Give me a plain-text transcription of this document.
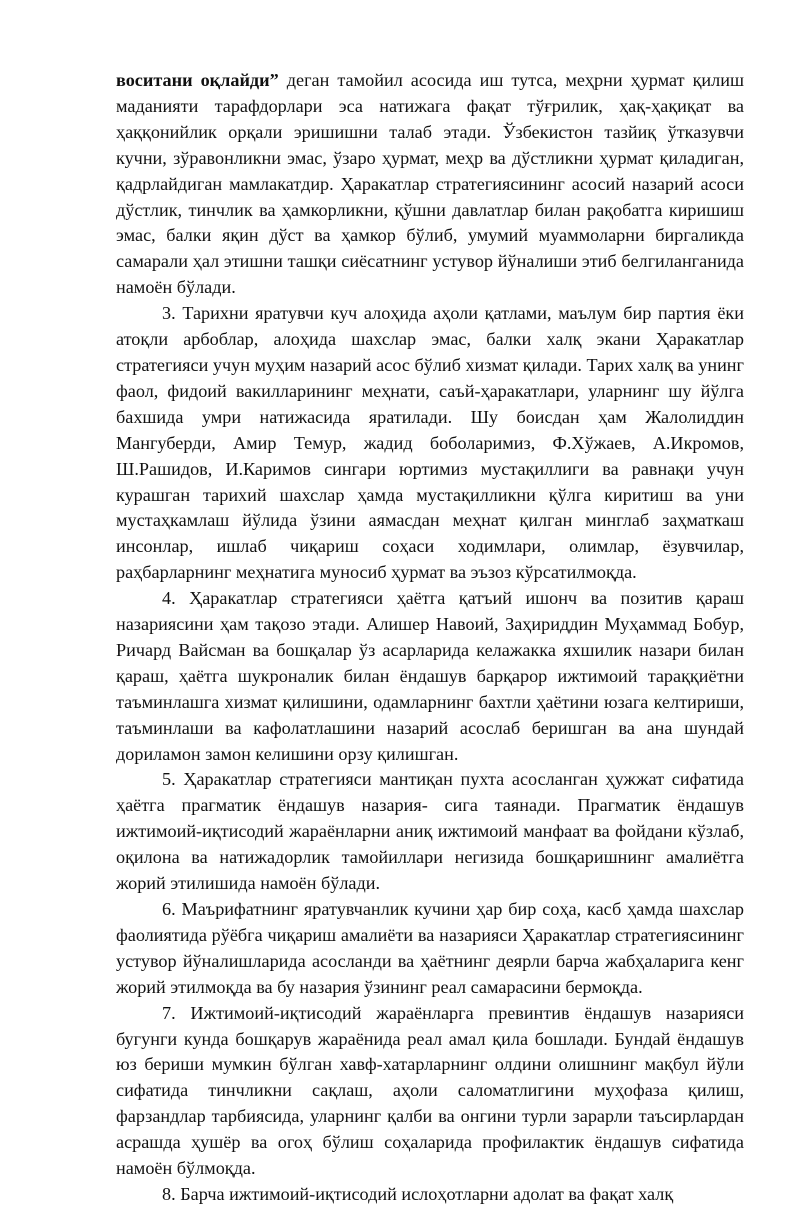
воситани оқлайди” деган тамойил асосида иш тутса, меҳрни ҳурмат қилиш маданияти тарафдорлари эса натижага фақат тўғрилик, ҳақ-ҳақиқат ва ҳаққонийлик орқали эришишни талаб этади. Ўзбекистон тазйиқ ўтказувчи кучни, зўравонликни эмас, ўзаро ҳурмат, меҳр ва дўстликни ҳурмат қиладиган, қадрлайдиган мамлакатдир. Ҳаракатлар стратегиясининг асосий назарий асоси дўстлик, тинчлик ва ҳамкорликни, қўшни давлатлар билан рақобатга киришиш эмас, балки яқин дўст ва ҳамкор бўлиб, умумий муаммоларни биргаликда самарали ҳал этишни ташқи сиёсатнинг устувор йўналиши этиб белгиланганида намоён бўлади.

3. Тарихни яратувчи куч алоҳида аҳоли қатлами, маълум бир партия ёки атоқли арбоблар, алоҳида шахслар эмас, балки халқ экани Ҳаракатлар стратегияси учун муҳим назарий асос бўлиб хизмат қилади. Тарих халқ ва унинг фаол, фидоий вакилларининг меҳнати, саъй-ҳаракатлари, уларнинг шу йўлга бахшида умри натижасида яратилади. Шу боисдан ҳам Жалолиддин Мангуберди, Амир Темур, жадид боболаримиз, Ф.Хўжаев, А.Икромов, Ш.Рашидов, И.Каримов сингари юртимиз мустақиллиги ва равнақи учун курашган тарихий шахслар ҳамда мустақилликни қўлга киритиш ва уни мустаҳкамлаш йўлида ўзини аямасдан меҳнат қилган минглаб заҳматкаш инсонлар, ишлаб чиқариш соҳаси ходимлари, олимлар, ёзувчилар, раҳбарларнинг меҳнатига муносиб ҳурмат ва эъзоз кўрсатилмоқда.

4. Ҳаракатлар стратегияси ҳаётга қатъий ишонч ва позитив қараш назариясини ҳам тақозо этади. Алишер Навоий, Заҳириддин Муҳаммад Бобур, Ричард Вайсман ва бошқалар ўз асарларида келажакка яхшилик назари билан қараш, ҳаётга шукроналик билан ёндашув барқарор ижтимоий тараққиётни таъминлашга хизмат қилишини, одамларнинг бахтли ҳаётини юзага келтириши, таъминлаши ва кафолатлашини назарий асослаб беришган ва ана шундай дориламон замон келишини орзу қилишган.

5. Ҳаракатлар стратегияси мантиқан пухта асосланган ҳужжат сифатида ҳаётга прагматик ёндашув назария- сига таянади. Прагматик ёндашув ижтимоий-иқтисодий жараёнларни аниқ ижтимоий манфаат ва фойдани кўзлаб, оқилона ва натижадорлик тамойиллари негизида бошқаришнинг амалиётга жорий этилишида намоён бўлади.

6. Маърифатнинг яратувчанлик кучини ҳар бир соҳа, касб ҳамда шахслар фаолиятида рўёбга чиқариш амалиёти ва назарияси Ҳаракатлар стратегиясининг устувор йўналишларида асосланди ва ҳаётнинг деярли барча жабҳаларига кенг жорий этилмоқда ва бу назария ўзининг реал самарасини бермоқда.

7. Ижтимоий-иқтисодий жараёнларга превинтив ёндашув назарияси бугунги кунда бошқарув жараёнида реал амал қила бошлади. Бундай ёндашув юз бериши мумкин бўлган хавф-хатарларнинг олдини олишнинг мақбул йўли сифатида тинчликни сақлаш, аҳоли саломатлигини муҳофаза қилиш, фарзандлар тарбиясида, уларнинг қалби ва онгини турли зарарли таъсирлардан асрашда ҳушёр ва огоҳ бўлиш соҳаларида профилактик ёндашув сифатида намоён бўлмоқда.

8. Барча ижтимоий-иқтисодий ислоҳотларни адолат ва фақат халқ
